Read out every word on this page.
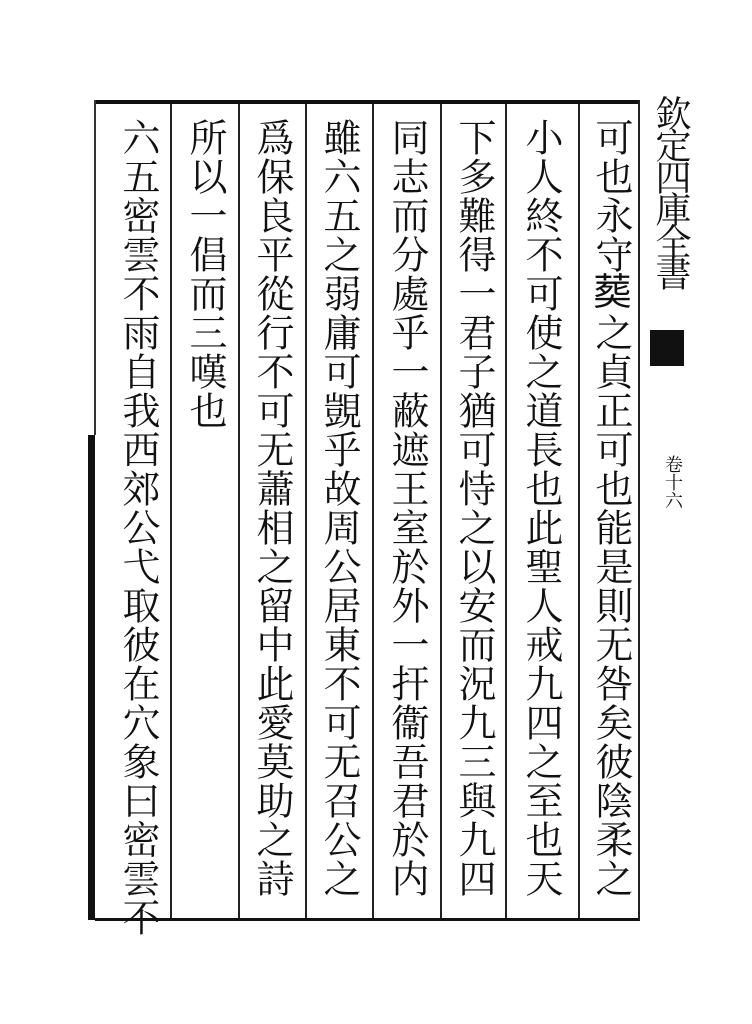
欽定四庫全書
卷十六
可也永守𦵏之貞正可也能是則无咎矣彼陰柔之
小人終不可使之道長也此聖人戒九四之至也天
下多難得一君子猶可恃之以安而況九三與九四
同志而分處乎一蔽遮王室於外一扞衞吾君於内
雖六五之弱庸可覬乎故周公居東不可无召公之
爲保良平從行不可无蕭相之留中此愛莫助之詩
所以一倡而三嘆也
六五密雲不雨自我西郊公弋取彼在穴象曰密雲不
